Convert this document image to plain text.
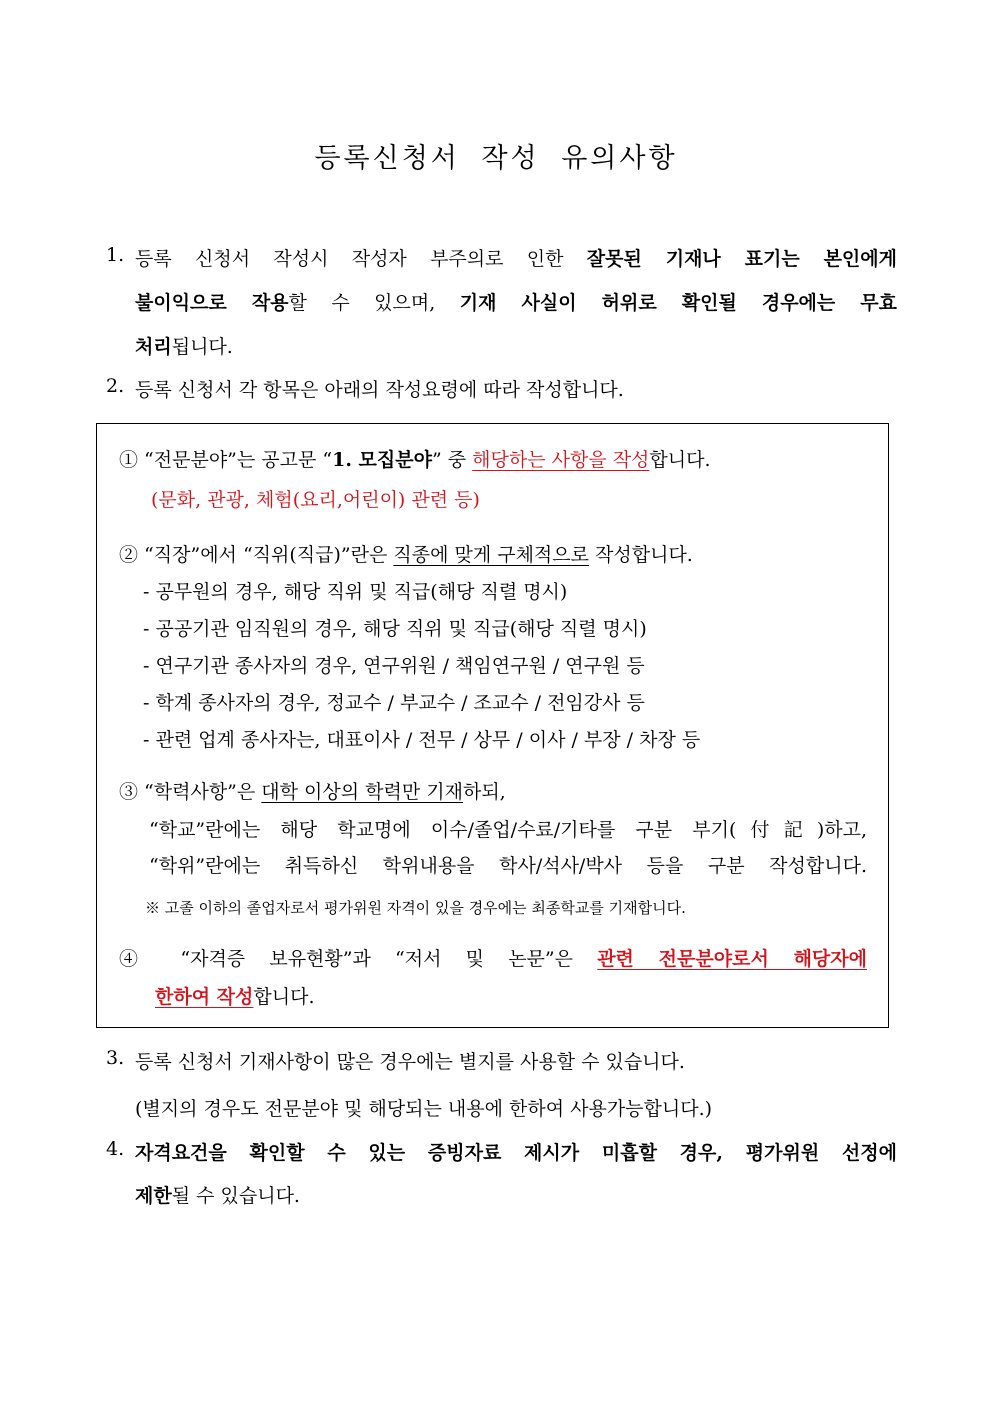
등록신청서 작성 유의사항
1. 등록 신청서 작성시 작성자 부주의로 인한 잘못된 기재나 표기는 본인에게
불이익으로 작용할 수 있으며, 기재 사실이 허위로 확인될 경우에는 무효
처리됩니다.
2. 등록 신청서 각 항목은 아래의 작성요령에 따라 작성합니다.
① “전문분야”는 공고문 “1. 모집분야” 중 해당하는 사항을 작성합니다.
(문화, 관광, 체험(요리,어린이) 관련 등)
② “직장”에서 “직위(직급)”란은 직종에 맞게 구체적으로 작성합니다.
- 공무원의 경우, 해당 직위 및 직급(해당 직렬 명시)
- 공공기관 임직원의 경우, 해당 직위 및 직급(해당 직렬 명시)
- 연구기관 종사자의 경우, 연구위원 / 책임연구원 / 연구원 등
- 학계 종사자의 경우, 정교수 / 부교수 / 조교수 / 전임강사 등
- 관련 업계 종사자는, 대표이사 / 전무 / 상무 / 이사 / 부장 / 차장 등
③ “학력사항”은 대학 이상의 학력만 기재하되,
“학교”란에는 해당 학교명에 이수/졸업/수료/기타를 구분 부기(付記)하고,
“학위”란에는 취득하신 학위내용을 학사/석사/박사 등을 구분 작성합니다.
※ 고졸 이하의 졸업자로서 평가위원 자격이 있을 경우에는 최종학교를 기재합니다.
④ “자격증 보유현황”과 “저서 및 논문”은 관련 전문분야로서 해당자에
한하여 작성합니다.
3. 등록 신청서 기재사항이 많은 경우에는 별지를 사용할 수 있습니다.
(별지의 경우도 전문분야 및 해당되는 내용에 한하여 사용가능합니다.)
4. 자격요건을 확인할 수 있는 증빙자료 제시가 미흡할 경우, 평가위원 선정에
제한될 수 있습니다.
